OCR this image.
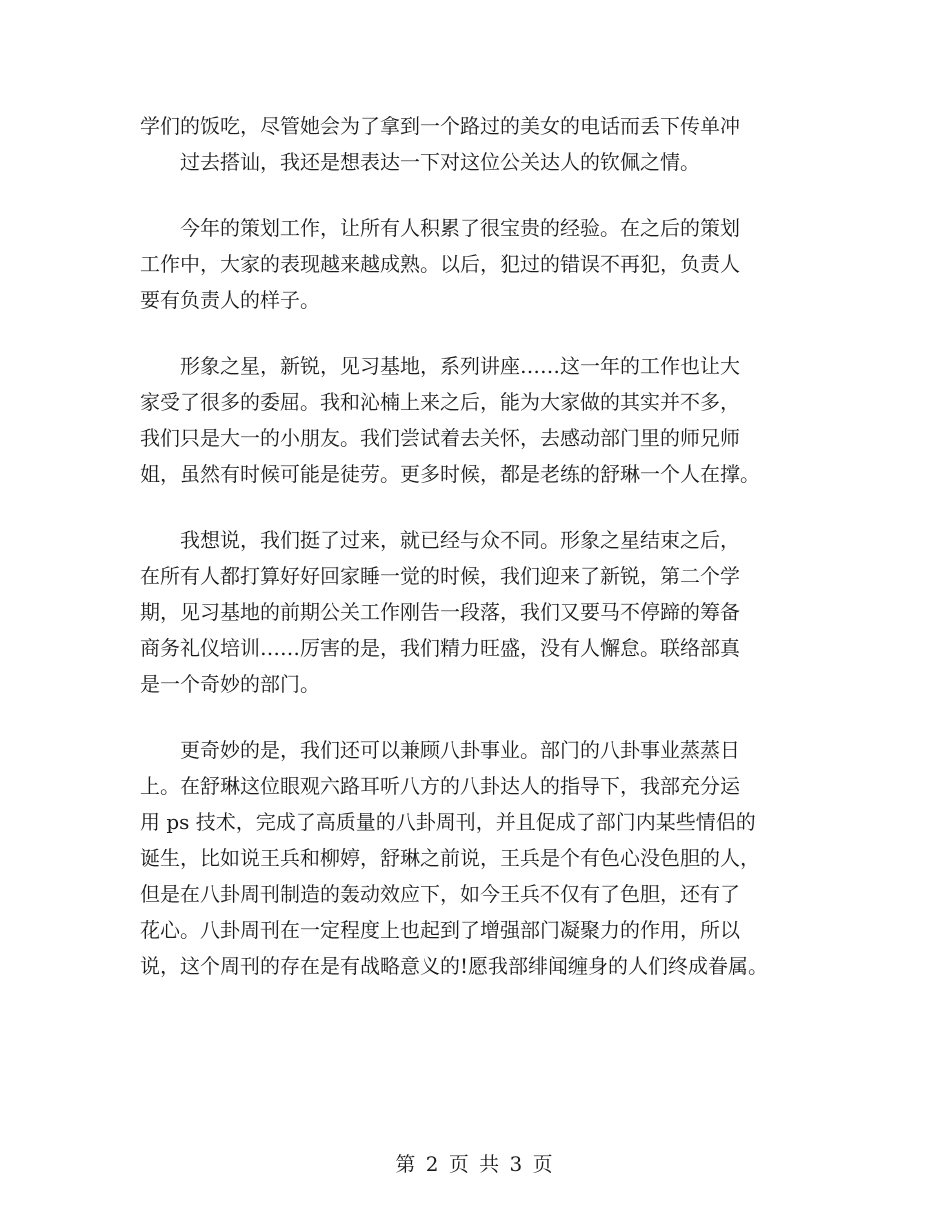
学们的饭吃，尽管她会为了拿到一个路过的美女的电话而丢下传单冲
过去搭讪，我还是想表达一下对这位公关达人的钦佩之情。

今年的策划工作，让所有人积累了很宝贵的经验。在之后的策划
工作中，大家的表现越来越成熟。以后，犯过的错误不再犯，负责人
要有负责人的样子。

形象之星，新锐，见习基地，系列讲座……这一年的工作也让大
家受了很多的委屈。我和沁楠上来之后，能为大家做的其实并不多，
我们只是大一的小朋友。我们尝试着去关怀，去感动部门里的师兄师
姐，虽然有时候可能是徒劳。更多时候，都是老练的舒琳一个人在撑。

我想说，我们挺了过来，就已经与众不同。形象之星结束之后，
在所有人都打算好好回家睡一觉的时候，我们迎来了新锐，第二个学
期，见习基地的前期公关工作刚告一段落，我们又要马不停蹄的筹备
商务礼仪培训……厉害的是，我们精力旺盛，没有人懈怠。联络部真
是一个奇妙的部门。

更奇妙的是，我们还可以兼顾八卦事业。部门的八卦事业蒸蒸日
上。在舒琳这位眼观六路耳听八方的八卦达人的指导下，我部充分运
用 ps 技术，完成了高质量的八卦周刊，并且促成了部门内某些情侣的
诞生，比如说王兵和柳婷，舒琳之前说，王兵是个有色心没色胆的人，
但是在八卦周刊制造的轰动效应下，如今王兵不仅有了色胆，还有了
花心。八卦周刊在一定程度上也起到了增强部门凝聚力的作用，所以
说，这个周刊的存在是有战略意义的!愿我部绯闻缠身的人们终成眷属。

第 2 页 共 3 页
